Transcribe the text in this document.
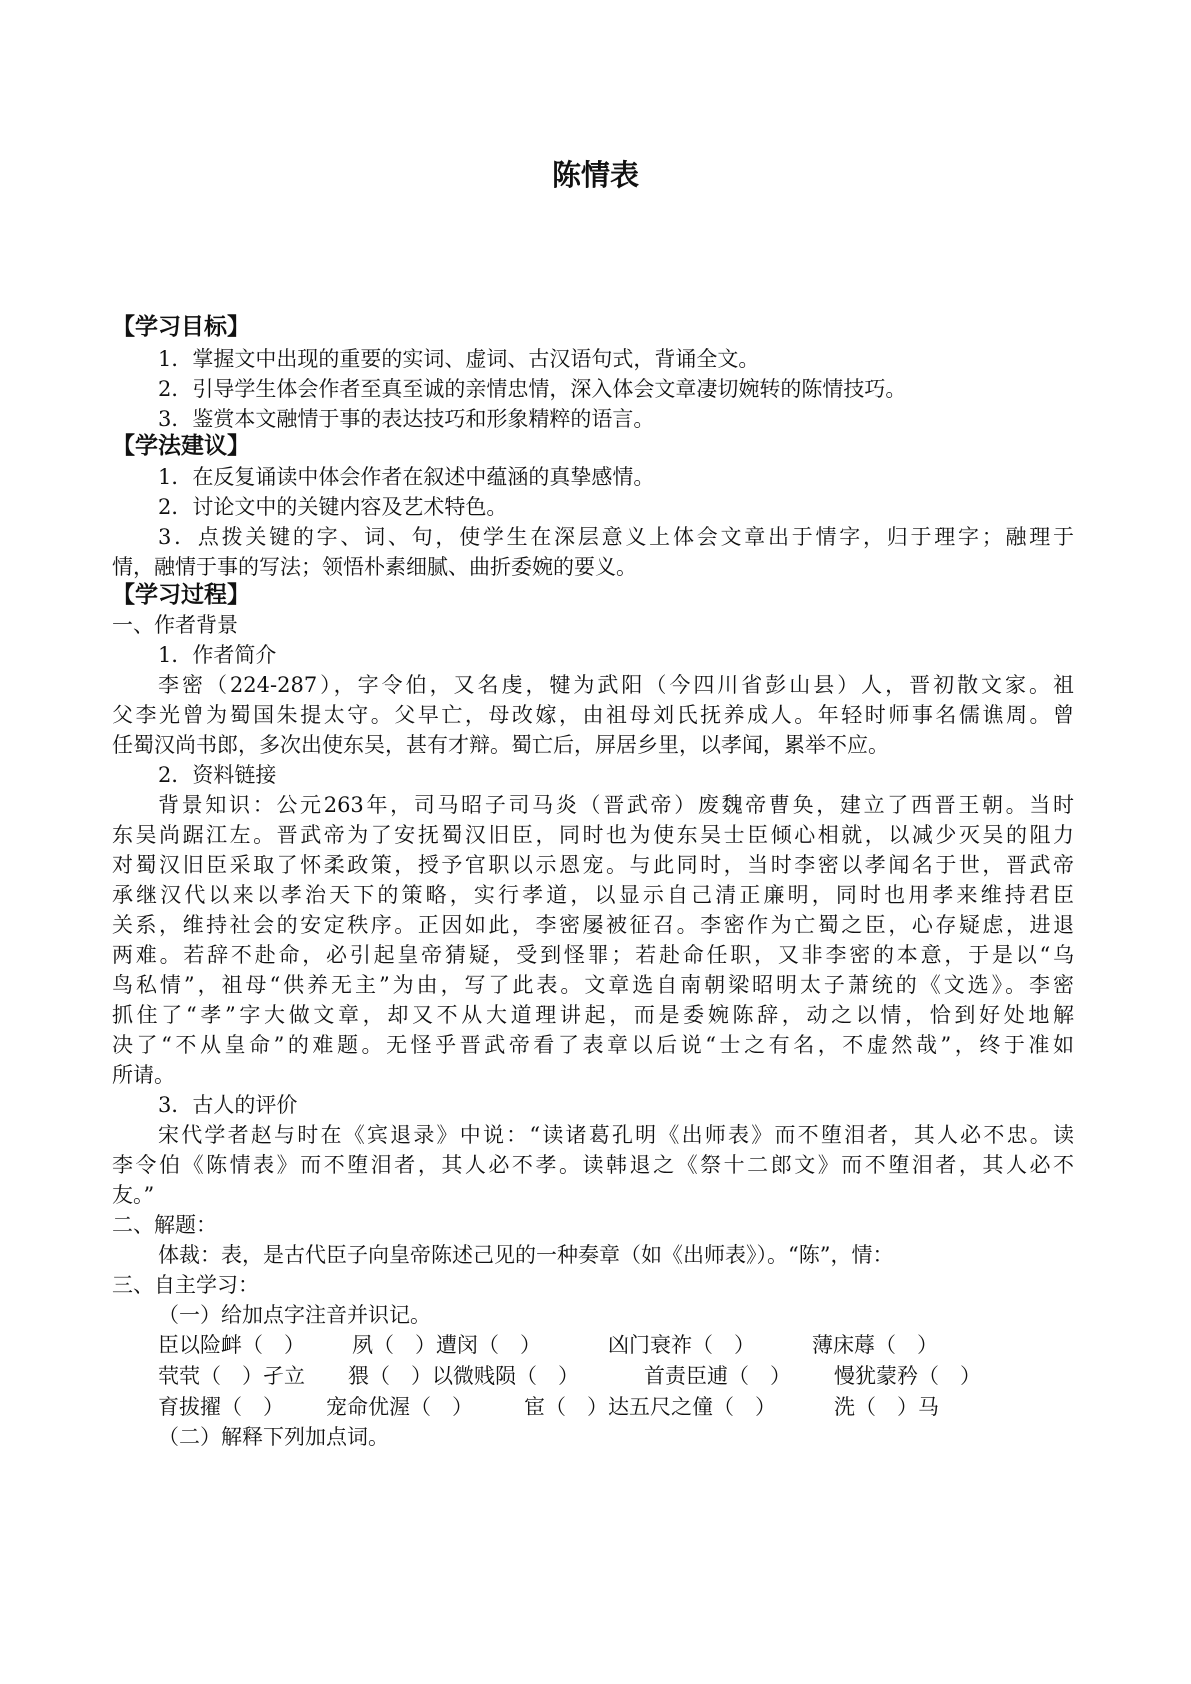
陈情表
【学习目标】
1．掌握文中出现的重要的实词、虚词、古汉语句式，背诵全文。
2．引导学生体会作者至真至诚的亲情忠情，深入体会文章凄切婉转的陈情技巧。
3．鉴赏本文融情于事的表达技巧和形象精粹的语言。
【学法建议】
1．在反复诵读中体会作者在叙述中蕴涵的真挚感情。
2．讨论文中的关键内容及艺术特色。
3．点拨关键的字、词、句，使学生在深层意义上体会文章出于情字，归于理字；融理于
情，融情于事的写法；领悟朴素细腻、曲折委婉的要义。
【学习过程】
一、作者背景
1．作者简介
李密（224-287），字令伯，又名虔，犍为武阳（今四川省彭山县）人，晋初散文家。祖
父李光曾为蜀国朱提太守。父早亡，母改嫁，由祖母刘氏抚养成人。年轻时师事名儒谯周。曾
任蜀汉尚书郎，多次出使东吴，甚有才辩。蜀亡后，屏居乡里，以孝闻，累举不应。
2．资料链接
背景知识：公元263年，司马昭子司马炎（晋武帝）废魏帝曹奂，建立了西晋王朝。当时
东吴尚踞江左。晋武帝为了安抚蜀汉旧臣，同时也为使东吴士臣倾心相就，以减少灭吴的阻力
对蜀汉旧臣采取了怀柔政策，授予官职以示恩宠。与此同时，当时李密以孝闻名于世，晋武帝
承继汉代以来以孝治天下的策略，实行孝道，以显示自己清正廉明，同时也用孝来维持君臣
关系，维持社会的安定秩序。正因如此，李密屡被征召。李密作为亡蜀之臣，心存疑虑，进退
两难。若辞不赴命，必引起皇帝猜疑，受到怪罪；若赴命任职，又非李密的本意，于是以“乌
鸟私情”，祖母“供养无主”为由，写了此表。文章选自南朝梁昭明太子萧统的《文选》。李密
抓住了“孝”字大做文章，却又不从大道理讲起，而是委婉陈辞，动之以情，恰到好处地解
决了“不从皇命”的难题。无怪乎晋武帝看了表章以后说“士之有名，不虚然哉”，终于准如
所请。
3．古人的评价
宋代学者赵与时在《宾退录》中说：“读诸葛孔明《出师表》而不堕泪者，其人必不忠。读
李令伯《陈情表》而不堕泪者，其人必不孝。读韩退之《祭十二郎文》而不堕泪者，其人必不
友。”
二、解题：
体裁：表，是古代臣子向皇帝陈述己见的一种奏章（如《出师表》）。“陈”，情：
三、自主学习：
（一）给加点字注音并识记。
臣以险衅（　） 夙（　）遭闵（　）	凶门衰祚（　）	薄床蓐（　）
茕茕（　）孑立 猥（　）以微贱陨（　）	首责臣逋（　） 慢犹蒙矜（　）
育拔擢（　） 宠命优渥（　） 宦（　）达五尺之僮（　）	洗（　）马
（二）解释下列加点词。
